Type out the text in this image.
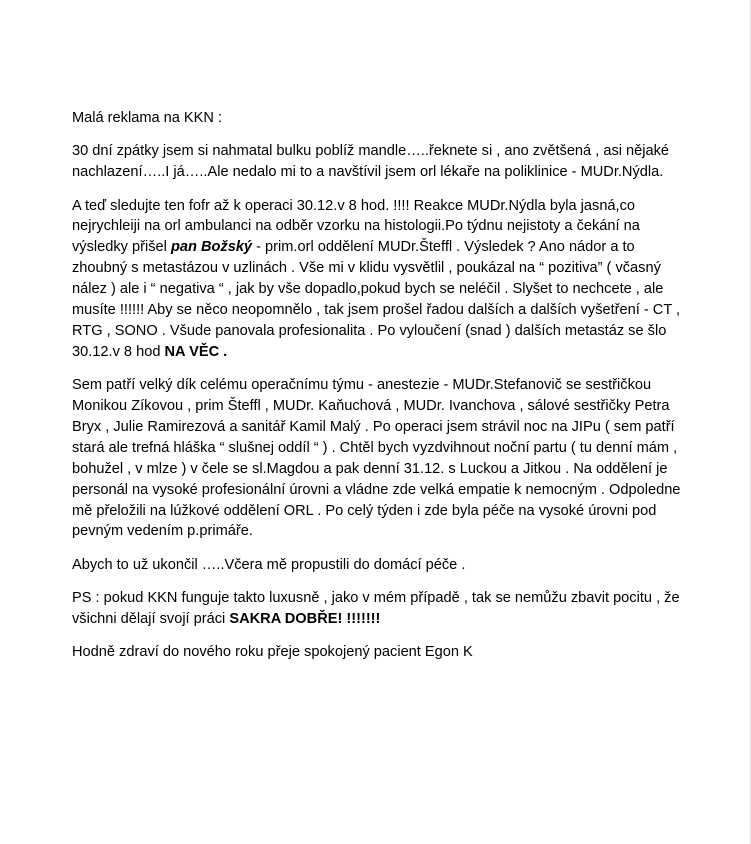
Malá reklama na KKN :

30 dní zpátky jsem si nahmatal bulku poblíž mandle…..řeknete si , ano zvětšená , asi nějaké nachlazení…..I já…..Ale nedalo mi to a navštívil jsem orl lékaře na poliklinice - MUDr.Nýdla.

A teď sledujte ten fofr až k operaci 30.12.v 8 hod. !!!! Reakce MUDr.Nýdla byla jasná,co nejrychleiji na orl ambulanci na odběr vzorku na histologii.Po týdnu nejistoty a čekání na výsledky přišel pan Božský - prim.orl oddělení MUDr.Šteffl . Výsledek ? Ano nádor a to zhoubný s metastázou v uzlinách . Vše mi v klidu vysvětlil , poukázal na “ pozitiva” ( včasný nález ) ale i “ negativa “ , jak by vše dopadlo,pokud bych se neléčil . Slyšet to nechcete , ale musíte !!!!!! Aby se něco neopomnělo , tak jsem prošel řadou dalších a dalších vyšetření - CT , RTG , SONO . Všude panovala profesionalita . Po vyloučení (snad ) dalších metastáz se šlo 30.12.v 8 hod NA VĚC .

Sem patří velký dík celému operačnímu týmu - anestezie - MUDr.Stefanovič se sestřičkou Monikou Zíkovou , prim Šteffl , MUDr. Kaňuchová , MUDr. Ivanchova , sálové sestřičky Petra Bryx , Julie Ramirezová a sanitář Kamil Malý . Po operaci jsem strávil noc na JIPu ( sem patří stará ale trefná hláška “ slušnej oddíl “ ) . Chtěl bych vyzdvihnout noční partu ( tu denní mám , bohužel , v mlze ) v čele se sl.Magdou a pak denní 31.12. s Luckou a Jitkou . Na oddělení je personál na vysoké profesionální úrovni a vládne zde velká empatie k nemocným . Odpoledne mě přeložili na lúžkové oddělení ORL . Po celý týden i zde byla péče na vysoké úrovni pod pevným vedením p.primáře.

Abych to už ukončil …..Včera mě propustili do domácí péče .

PS : pokud KKN funguje takto luxusně , jako v mém případě , tak se nemůžu zbavit pocitu , že všichni dělají svojí práci SAKRA DOBŘE! !!!!!!!

Hodně zdraví do nového roku přeje spokojený pacient Egon K
